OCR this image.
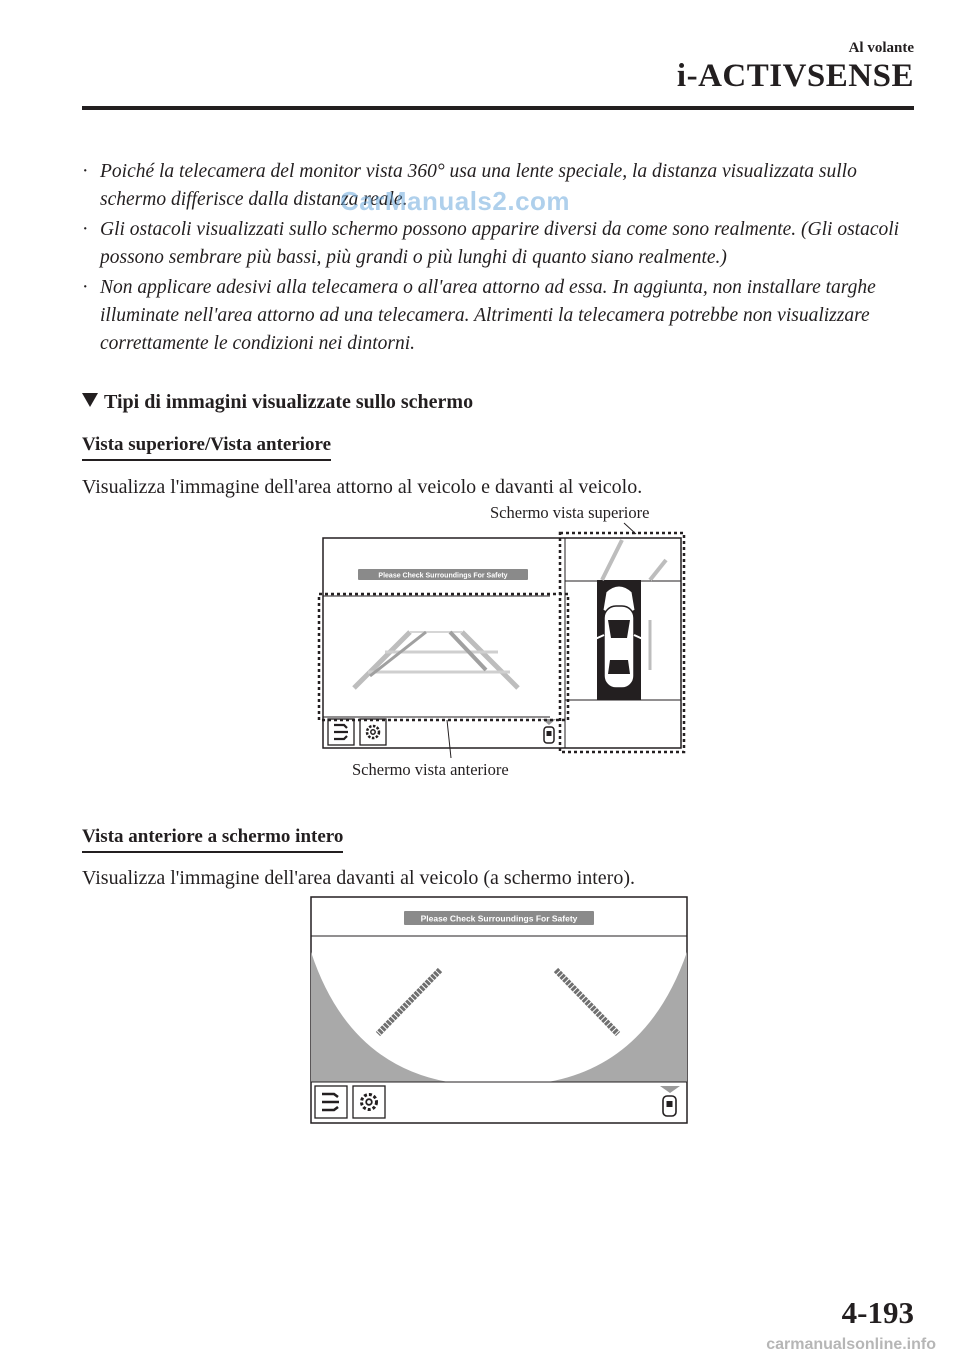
Al volante
i-ACTIVSENSE
· Poiché la telecamera del monitor vista 360° usa una lente speciale, la distanza visualizzata sullo schermo differisce dalla distanza reale.
· Gli ostacoli visualizzati sullo schermo possono apparire diversi da come sono realmente. (Gli ostacoli possono sembrare più bassi, più grandi o più lunghi di quanto siano realmente.)
· Non applicare adesivi alla telecamera o all'area attorno ad essa. In aggiunta, non installare targhe illuminate nell'area attorno ad una telecamera. Altrimenti la telecamera potrebbe non visualizzare correttamente le condizioni nei dintorni.
CarManuals2.com
Tipi di immagini visualizzate sullo schermo
Vista superiore/Vista anteriore
Visualizza l'immagine dell'area attorno al veicolo e davanti al veicolo.
Schermo vista superiore
Schermo vista anteriore
Please Check Surroundings For Safety
Vista anteriore a schermo intero
Visualizza l'immagine dell'area davanti al veicolo (a schermo intero).
Please Check Surroundings For Safety
4-193
carmanualsonline.info
